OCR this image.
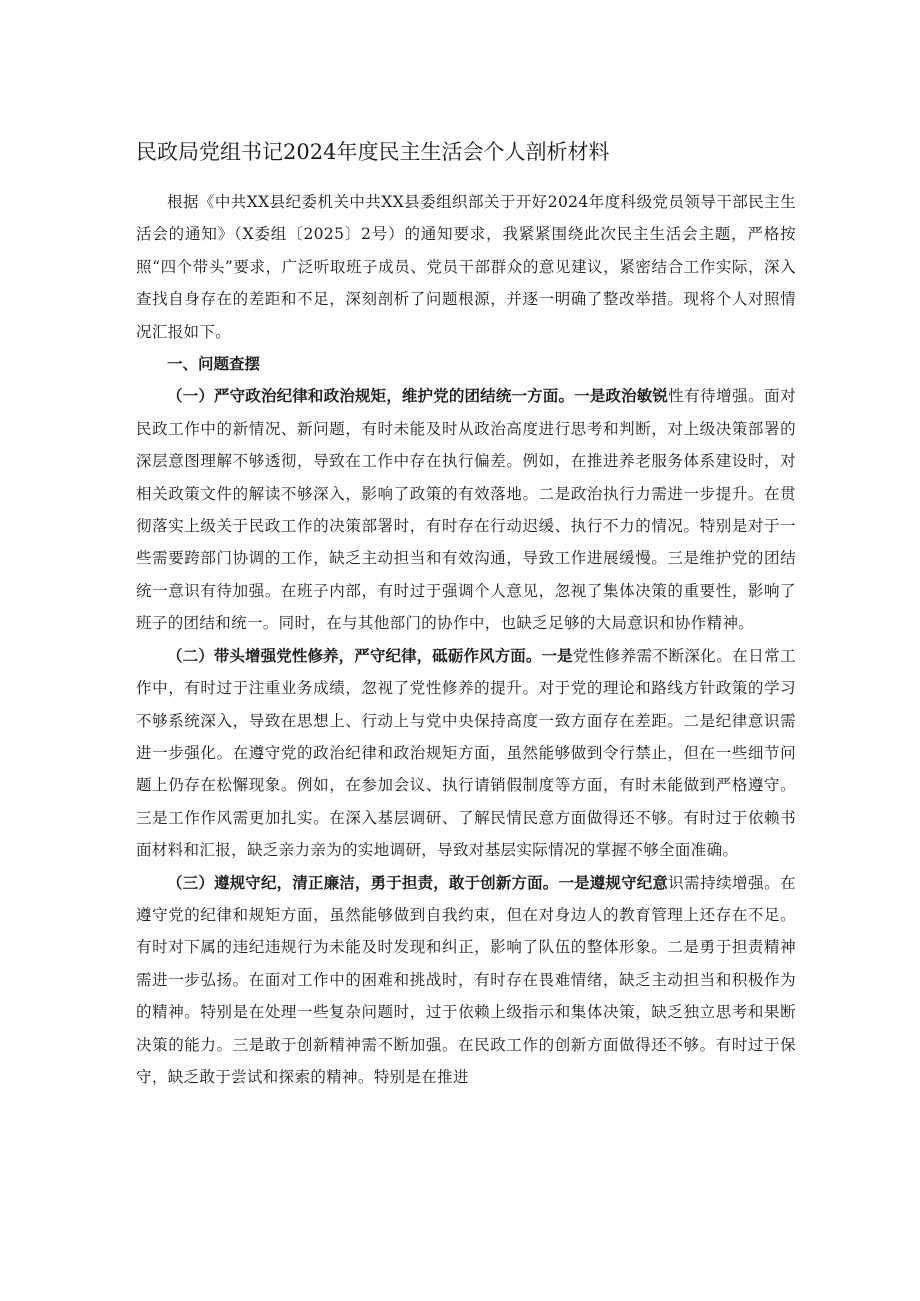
民政局党组书记2024年度民主生活会个人剖析材料

根据《中共XX县纪委机关中共XX县委组织部关于开好2024年度科级党员领导干部民主生活会的通知》（X委组〔2025〕2号）的通知要求，我紧紧围绕此次民主生活会主题，严格按照“四个带头”要求，广泛听取班子成员、党员干部群众的意见建议，紧密结合工作实际，深入查找自身存在的差距和不足，深刻剖析了问题根源，并逐一明确了整改举措。现将个人对照情况汇报如下。

一、问题查摆

（一）严守政治纪律和政治规矩，维护党的团结统一方面。一是政治敏锐性有待增强。面对民政工作中的新情况、新问题，有时未能及时从政治高度进行思考和判断，对上级决策部署的深层意图理解不够透彻，导致在工作中存在执行偏差。例如，在推进养老服务体系建设时，对相关政策文件的解读不够深入，影响了政策的有效落地。二是政治执行力需进一步提升。在贯彻落实上级关于民政工作的决策部署时，有时存在行动迟缓、执行不力的情况。特别是对于一些需要跨部门协调的工作，缺乏主动担当和有效沟通，导致工作进展缓慢。三是维护党的团结统一意识有待加强。在班子内部，有时过于强调个人意见，忽视了集体决策的重要性，影响了班子的团结和统一。同时，在与其他部门的协作中，也缺乏足够的大局意识和协作精神。

（二）带头增强党性修养，严守纪律，砥砺作风方面。一是党性修养需不断深化。在日常工作中，有时过于注重业务成绩，忽视了党性修养的提升。对于党的理论和路线方针政策的学习不够系统深入，导致在思想上、行动上与党中央保持高度一致方面存在差距。二是纪律意识需进一步强化。在遵守党的政治纪律和政治规矩方面，虽然能够做到令行禁止，但在一些细节问题上仍存在松懈现象。例如，在参加会议、执行请销假制度等方面，有时未能做到严格遵守。三是工作作风需更加扎实。在深入基层调研、了解民情民意方面做得还不够。有时过于依赖书面材料和汇报，缺乏亲力亲为的实地调研，导致对基层实际情况的掌握不够全面准确。

（三）遵规守纪，清正廉洁，勇于担责，敢于创新方面。一是遵规守纪意识需持续增强。在遵守党的纪律和规矩方面，虽然能够做到自我约束，但在对身边人的教育管理上还存在不足。有时对下属的违纪违规行为未能及时发现和纠正，影响了队伍的整体形象。二是勇于担责精神需进一步弘扬。在面对工作中的困难和挑战时，有时存在畏难情绪，缺乏主动担当和积极作为的精神。特别是在处理一些复杂问题时，过于依赖上级指示和集体决策，缺乏独立思考和果断决策的能力。三是敢于创新精神需不断加强。在民政工作的创新方面做得还不够。有时过于保守，缺乏敢于尝试和探索的精神。特别是在推进
